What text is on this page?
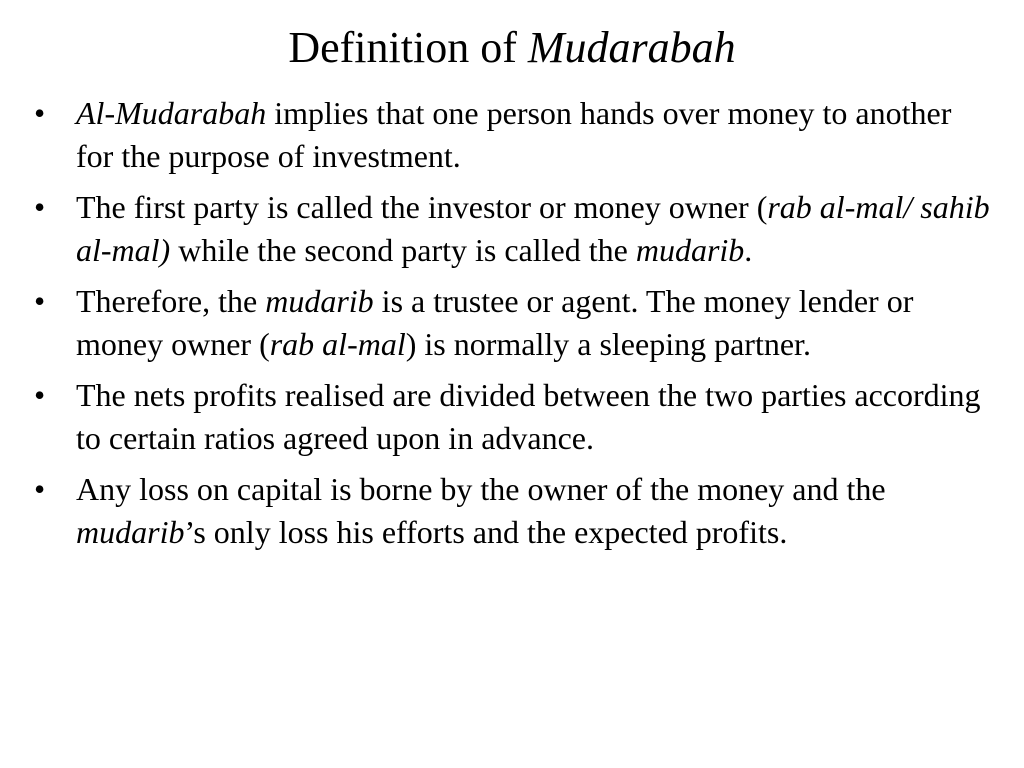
Definition of Mudarabah
• Al-Mudarabah implies that one person hands over money to another for the purpose of investment.
• The first party is called the investor or money owner (rab al-mal/ sahib al-mal) while the second party is called the mudarib.
• Therefore, the mudarib is a trustee or agent. The money lender or money owner (rab al-mal) is normally a sleeping partner.
• The nets profits realised are divided between the two parties according to certain ratios agreed upon in advance.
• Any loss on capital is borne by the owner of the money and the mudarib’s only loss his efforts and the expected profits.
